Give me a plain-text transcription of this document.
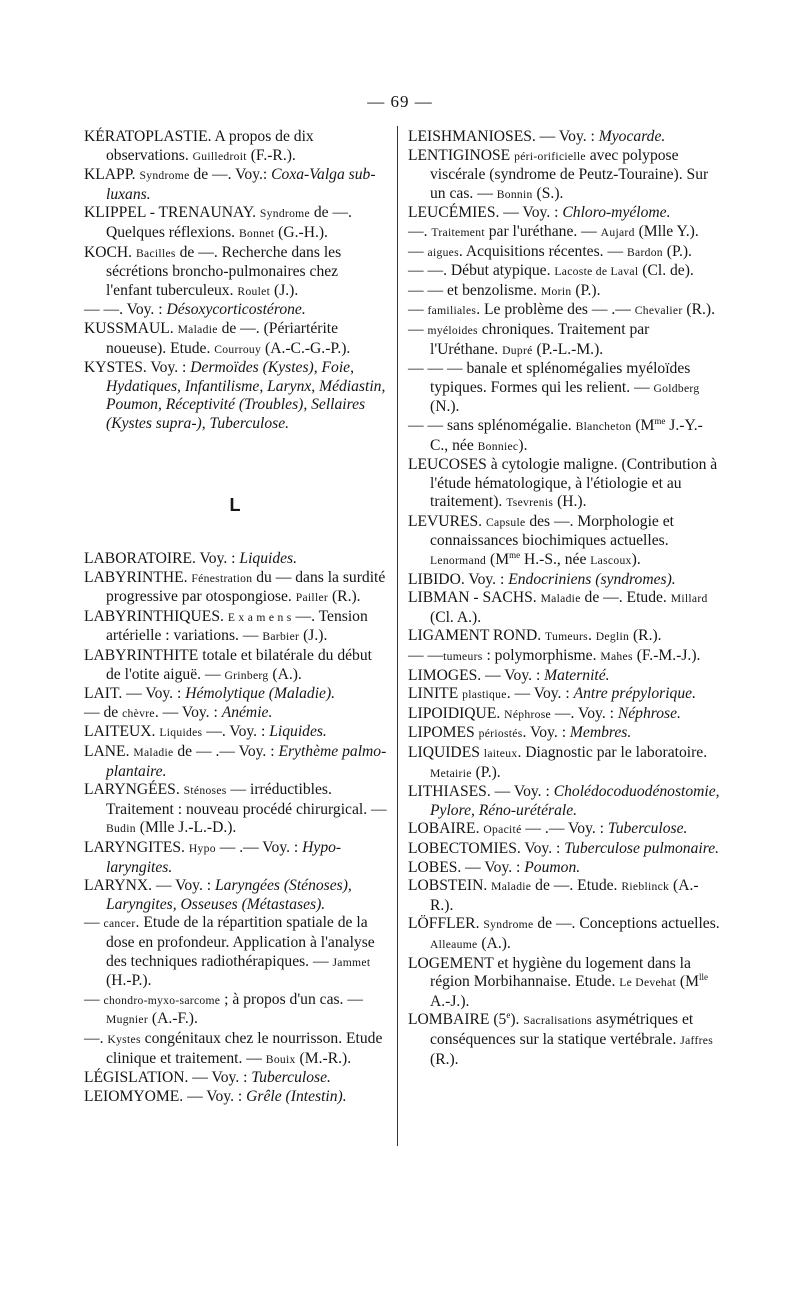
— 69 —
KÉRATOPLASTIE. A propos de dix observations. Guilledroit (F.-R.).
KLAPP. Syndrome de —. Voy.: Coxa-Valga sub-luxans.
KLIPPEL - TRENAUNAY. Syndrome de —. Quelques réflexions. Bonnet (G.-H.).
KOCH. Bacilles de —. Recherche dans les sécrétions broncho-pulmonaires chez l'enfant tuberculeux. Roulet (J.).
— —. Voy. : Désoxycorticostérone.
KUSSMAUL. Maladie de —. (Périartérite noueuse). Etude. Courrouy (A.-C.-G.-P.).
KYSTES. Voy. : Dermoïdes (Kystes), Foie, Hydatiques, Infantilisme, Larynx, Médiastin, Poumon, Réceptivité (Troubles), Sellaires (Kystes supra-), Tuberculose.
L
LABORATOIRE. Voy. : Liquides.
LABYRINTHE. Fénestration du — dans la surdité progressive par otospongiose. Pailler (R.).
LABYRINTHIQUES. E x a m e n s —. Tension artérielle : variations. — Barbier (J.).
LABYRINTHITE totale et bilatérale du début de l'otite aiguë. — Grinberg (A.).
LAIT. — Voy. : Hémolytique (Maladie).
— de chèvre. — Voy. : Anémie.
LAITEUX. Liquides —. Voy. : Liquides.
LANE. Maladie de — .— Voy. : Erythème palmo-plantaire.
LARYNGÉES. Sténoses — irréductibles. Traitement : nouveau procédé chirurgical. — Budin (Mlle J.-L.-D.).
LARYNGITES. Hypo — .— Voy. : Hypo-laryngites.
LARYNX. — Voy. : Laryngées (Sténoses), Laryngites, Osseuses (Métastases).
— cancer. Etude de la répartition spatiale de la dose en profondeur. Application à l'analyse des techniques radiothérapiques. — Jammet (H.-P.).
— chondro-myxo-sarcome ; à propos d'un cas. — Mugnier (A.-F.).
—. Kystes congénitaux chez le nourrisson. Etude clinique et traitement. — Bouix (M.-R.).
LÉGISLATION. — Voy. : Tuberculose.
LEIOMYOME. — Voy. : Grêle (Intestin).
LEISHMANIOSES. — Voy. : Myocarde.
LENTIGINOSE péri-orificielle avec polypose viscérale (syndrome de Peutz-Touraine). Sur un cas. — Bonnin (S.).
LEUCÉMIES. — Voy. : Chloro-myélome.
—. Traitement par l'uréthane. — Aujard (Mlle Y.).
— aigues. Acquisitions récentes. — Bardon (P.).
— —. Début atypique. Lacoste de Laval (Cl. de).
— — et benzolisme. Morin (P.).
— familiales. Le problème des — .— Chevalier (R.).
— myéloides chroniques. Traitement par l'Uréthane. Dupré (P.-L.-M.).
— — — banale et splénomégalies myéloïdes typiques. Formes qui les relient. — Goldberg (N.).
— — sans splénomégalie. Blancheton ($M^{me}$ J.-Y.-C., née Bonniec).
LEUCOSES à cytologie maligne. (Contribution à l'étude hématologique, à l'étiologie et au traitement). Tsevrenis (H.).
LEVURES. Capsule des —. Morphologie et connaissances biochimiques actuelles. Lenormand ($M^{me}$ H.-S., née Lascoux).
LIBIDO. Voy. : Endocriniens (syndromes).
LIBMAN - SACHS. Maladie de —. Etude. Millard (Cl. A.).
LIGAMENT ROND. Tumeurs. Deglin (R.).
— —tumeurs : polymorphisme. Mahes (F.-M.-J.).
LIMOGES. — Voy. : Maternité.
LINITE plastique. — Voy. : Antre prépylorique.
LIPOIDIQUE. Néphrose —. Voy. : Néphrose.
LIPOMES périostés. Voy. : Membres.
LIQUIDES laiteux. Diagnostic par le laboratoire. Metairie (P.).
LITHIASES. — Voy. : Cholédocoduodénostomie, Pylore, Réno-urétérale.
LOBAIRE. Opacité — .— Voy. : Tuberculose.
LOBECTOMIES. Voy. : Tuberculose pulmonaire.
LOBES. — Voy. : Poumon.
LOBSTEIN. Maladie de —. Etude. Rieblinck (A.-R.).
LÖFFLER. Syndrome de —. Conceptions actuelles. Alleaume (A.).
LOGEMENT et hygiène du logement dans la région Morbihannaise. Etude. Le Devehat ($M^{lle}$ A.-J.).
LOMBAIRE (5e). Sacralisations asymétriques et conséquences sur la statique vertébrale. Jaffres (R.).
